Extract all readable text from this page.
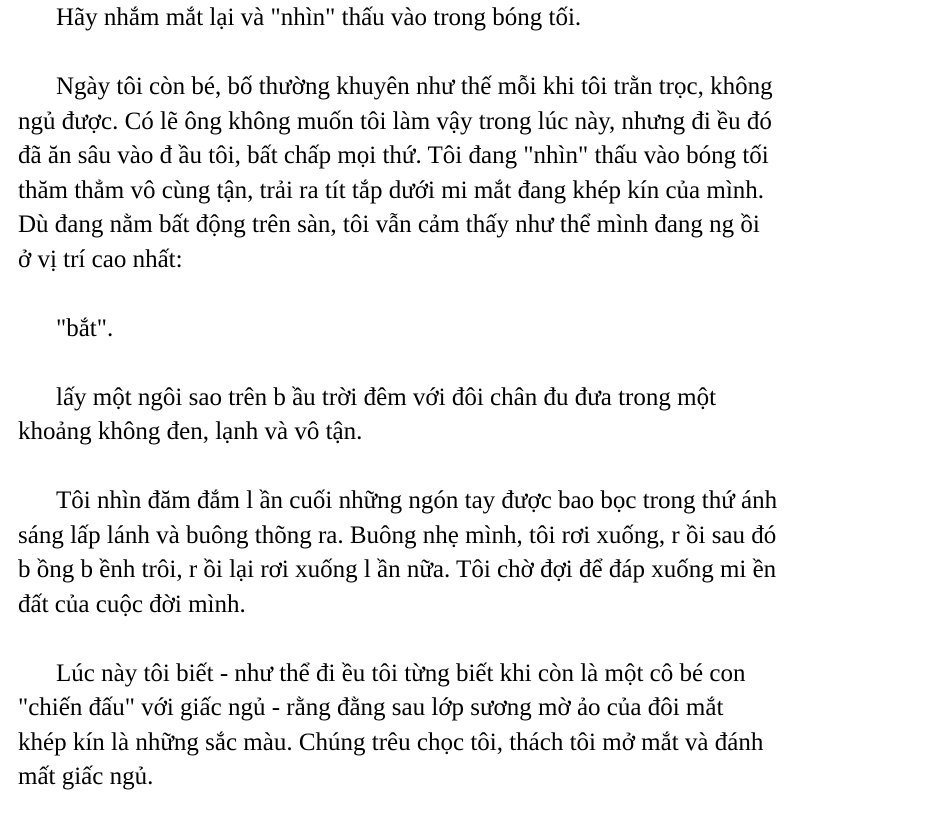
Hãy nhắm mắt lại và "nhìn" thấu vào trong bóng tối.
Ngày tôi còn bé, bố thường khuyên như thế mỗi khi tôi trằn trọc, không
ngủ được. Có lẽ ông không muốn tôi làm vậy trong lúc này, nhưng đi ều đó
đã ăn sâu vào đ ầu tôi, bất chấp mọi thứ. Tôi đang "nhìn" thấu vào bóng tối
thăm thẳm vô cùng tận, trải ra tít tắp dưới mi mắt đang khép kín của mình.
Dù đang nằm bất động trên sàn, tôi vẫn cảm thấy như thể mình đang ng ồi
ở vị trí cao nhất:
"bắt".
lấy một ngôi sao trên b ầu trời đêm với đôi chân đu đưa trong một
khoảng không đen, lạnh và vô tận.
Tôi nhìn đăm đắm l ần cuối những ngón tay được bao bọc trong thứ ánh
sáng lấp lánh và buông thõng ra. Buông nhẹ mình, tôi rơi xuống, r ồi sau đó
b ồng b ềnh trôi, r ồi lại rơi xuống l ần nữa. Tôi chờ đợi để đáp xuống mi ền
đất của cuộc đời mình.
Lúc này tôi biết - như thể đi ều tôi từng biết khi còn là một cô bé con
"chiến đấu" với giấc ngủ - rằng đằng sau lớp sương mờ ảo của đôi mắt
khép kín là những sắc màu. Chúng trêu chọc tôi, thách tôi mở mắt và đánh
mất giấc ngủ.
